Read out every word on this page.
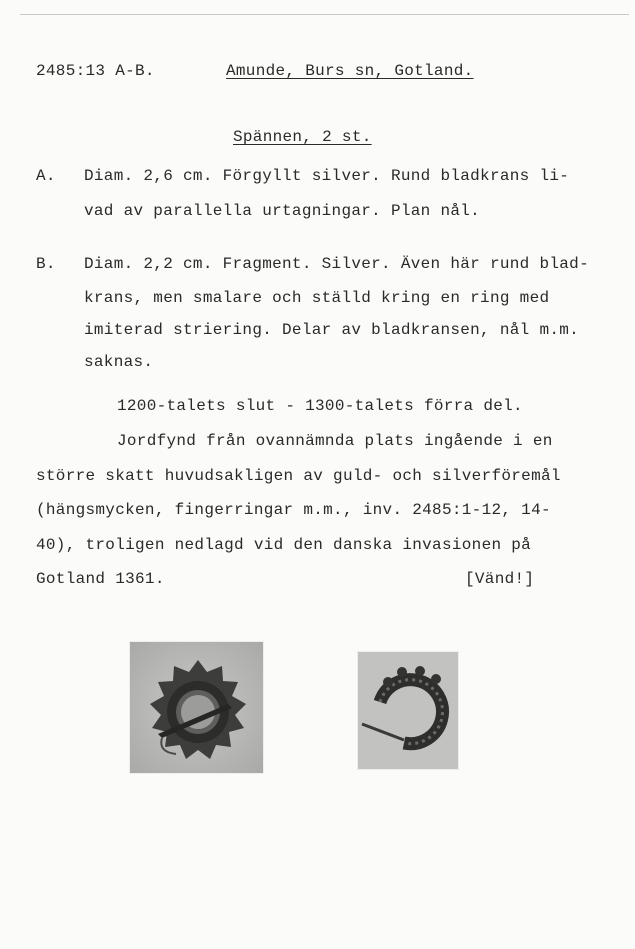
2485:13 A-B.	Amunde, Burs sn, Gotland.
Spännen, 2 st.
A. Diam. 2,6 cm. Förgyllt silver. Rund bladkrans li-
vad av parallella urtagningar. Plan nål.
B. Diam. 2,2 cm. Fragment. Silver. Även här rund blad-
krans, men smalare och ställd kring en ring med
imiterad striering. Delar av bladkransen, nål m.m.
saknas.
1200-talets slut - 1300-talets förra del.
Jordfynd från ovannämnda plats ingående i en
större skatt huvudsakligen av guld- och silverföremål
(hängsmycken, fingerringar m.m., inv. 2485:1-12, 14-
40), troligen nedlagd vid den danska invasionen på
Gotland 1361.	[Vänd!]
